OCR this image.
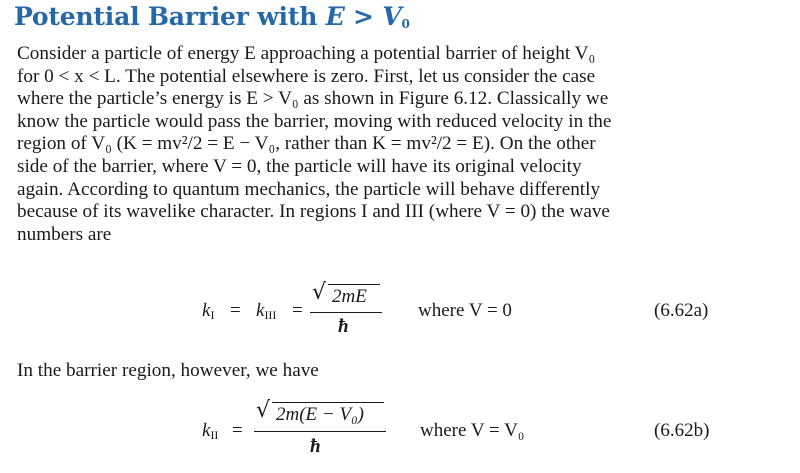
Potential Barrier with $E > V_0$
Consider a particle of energy E approaching a potential barrier of height V₀
for 0 < x < L. The potential elsewhere is zero. First, let us consider the case
where the particle’s energy is E > V₀ as shown in Figure 6.12. Classically we
know the particle would pass the barrier, moving with reduced velocity in the
region of V₀ (K = mv²/2 = E − V₀, rather than K = mv²/2 = E). On the other
side of the barrier, where V = 0, the particle will have its original velocity
again. According to quantum mechanics, the particle will behave differently
because of its wavelike character. In regions I and III (where V = 0) the wave
numbers are
$k_I = k_{III}$ =
√ 2mE
ħ
where V = 0	(6.62a)

In the barrier region, however, we have

$k_{II}$ =
√ 2m(E − V₀)
ħ
where V = V₀	(6.62b)
